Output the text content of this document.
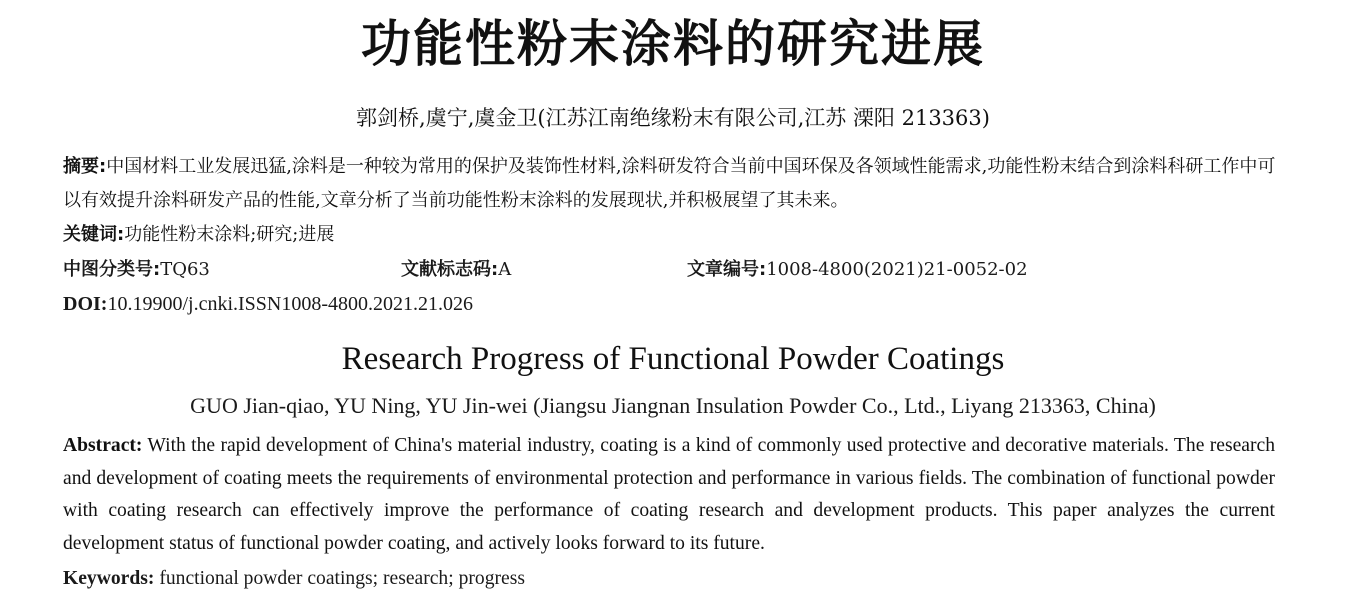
功能性粉末涂料的研究进展
郭剑桥,虞宁,虞金卫(江苏江南绝缘粉末有限公司,江苏 溧阳 213363)
摘要:中国材料工业发展迅猛,涂料是一种较为常用的保护及装饰性材料,涂料研发符合当前中国环保及各领域性能需求,功能性粉末结合到涂料科研工作中可以有效提升涂料研发产品的性能,文章分析了当前功能性粉末涂料的发展现状,并积极展望了其未来。
关键词:功能性粉末涂料;研究;进展
中图分类号:TQ63	文献标志码:A	文章编号:1008-4800(2021)21-0052-02
DOI:10.19900/j.cnki.ISSN1008-4800.2021.21.026
Research Progress of Functional Powder Coatings
GUO Jian-qiao, YU Ning, YU Jin-wei (Jiangsu Jiangnan Insulation Powder Co., Ltd., Liyang 213363, China)
Abstract: With the rapid development of China's material industry, coating is a kind of commonly used protective and decorative materials. The research and development of coating meets the requirements of environmental protection and performance in various fields. The combination of functional powder with coating research can effectively improve the performance of coating research and development products. This paper analyzes the current development status of functional powder coating, and actively looks forward to its future.
Keywords: functional powder coatings; research; progress
